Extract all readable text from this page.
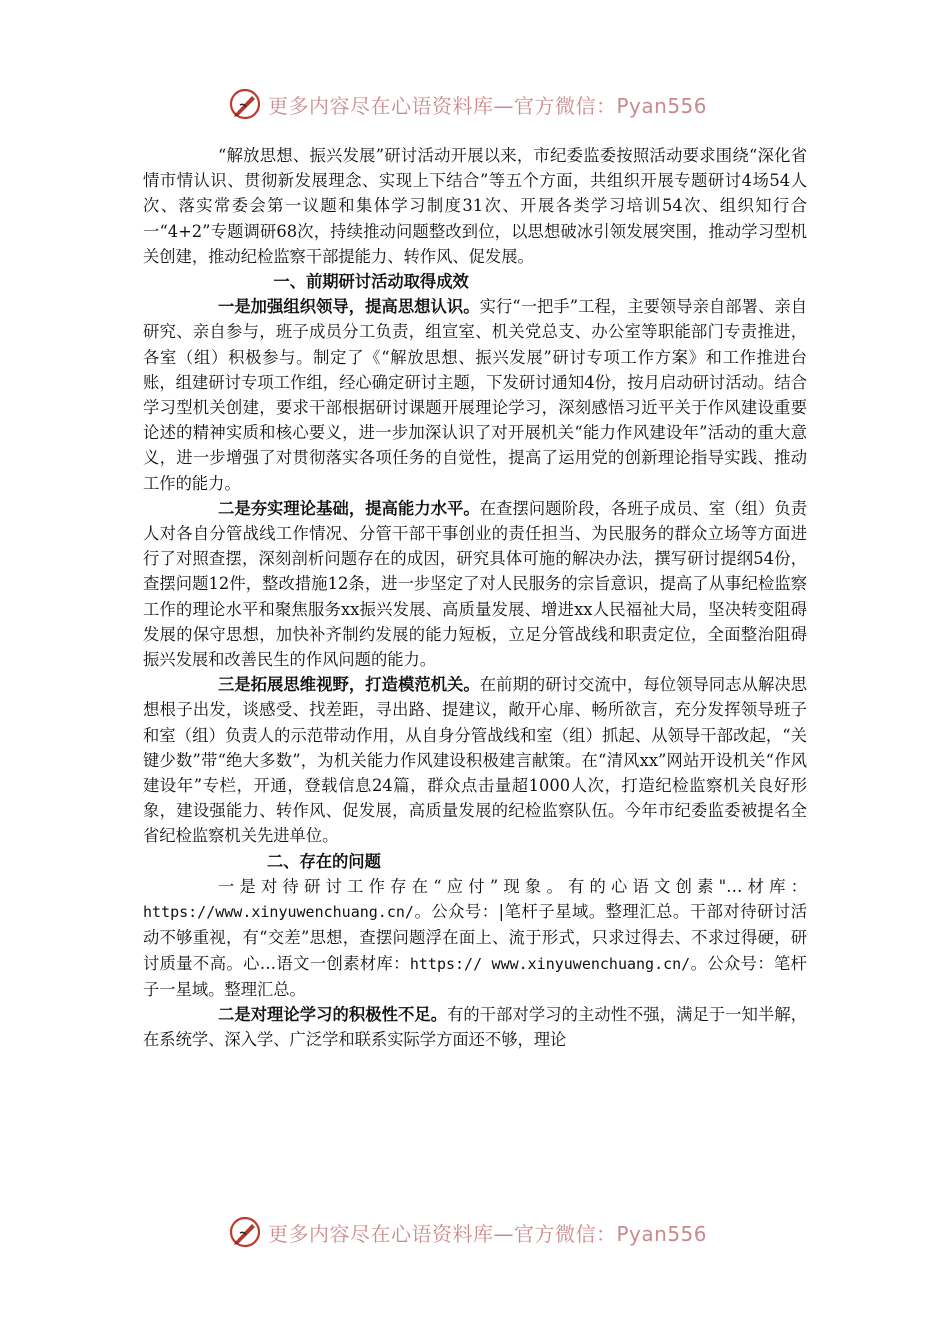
更多内容尽在心语资料库—官方微信：Pyan556

“解放思想、振兴发展”研讨活动开展以来，市纪委监委按照活动要求围绕“深化省情市情认识、贯彻新发展理念、实现上下结合”等五个方面，共组织开展专题研讨4场54人次、落实常委会第一议题和集体学习制度31次、开展各类学习培训54次、组织知行合一“4+2”专题调研68次，持续推动问题整改到位，以思想破冰引领发展突围，推动学习型机关创建，推动纪检监察干部提能力、转作风、促发展。

一、前期研讨活动取得成效

一是加强组织领导，提高思想认识。实行“一把手”工程，主要领导亲自部署、亲自研究、亲自参与，班子成员分工负责，组宣室、机关党总支、办公室等职能部门专责推进，各室（组）积极参与。制定了《“解放思想、振兴发展”研讨专项工作方案》和工作推进台账，组建研讨专项工作组，经心确定研讨主题，下发研讨通知4份，按月启动研讨活动。结合学习型机关创建，要求干部根据研讨课题开展理论学习，深刻感悟习近平关于作风建设重要论述的精神实质和核心要义，进一步加深认识了对开展机关“能力作风建设年”活动的重大意义，进一步增强了对贯彻落实各项任务的自觉性，提高了运用党的创新理论指导实践、推动工作的能力。

二是夯实理论基础，提高能力水平。在查摆问题阶段，各班子成员、室（组）负责人对各自分管战线工作情况、分管干部干事创业的责任担当、为民服务的群众立场等方面进行了对照查摆，深刻剖析问题存在的成因，研究具体可施的解决办法，撰写研讨提纲54份，查摆问题12件，整改措施12条，进一步坚定了对人民服务的宗旨意识，提高了从事纪检监察工作的理论水平和聚焦服务xx振兴发展、高质量发展、增进xx人民福祉大局，坚决转变阻碍发展的保守思想，加快补齐制约发展的能力短板，立足分管战线和职责定位，全面整治阻碍振兴发展和改善民生的作风问题的能力。

三是拓展思维视野，打造模范机关。在前期的研讨交流中，每位领导同志从解决思想根子出发，谈感受、找差距，寻出路、提建议，敞开心扉、畅所欲言，充分发挥领导班子和室（组）负责人的示范带动作用，从自身分管战线和室（组）抓起、从领导干部改起，“关键少数”带“绝大多数”，为机关能力作风建设积极建言献策。在“清风xx”网站开设机关“作风建设年”专栏，开通，登载信息24篇，群众点击量超1000人次，打造纪检监察机关良好形象，建设强能力、转作风、促发展，高质量发展的纪检监察队伍。今年市纪委监委被提名全省纪检监察机关先进单位。

二、存在的问题

一是对待研讨工作存在“应付”现象。有的心语文创素"…材库：https://www.xinyuwenchuang.cn/。公众号：|笔杆子星域。整理汇总。干部对待研讨活动不够重视，有“交差”思想，查摆问题浮在面上、流于形式，只求过得去、不求过得硬，研讨质量不高。心…语文一创素材库：https:// www.xinyuwenchuang.cn/。公众号：笔杆子一星域。整理汇总。

二是对理论学习的积极性不足。有的干部对学习的主动性不强，满足于一知半解，在系统学、深入学、广泛学和联系实际学方面还不够，理论

更多内容尽在心语资料库—官方微信：Pyan556
